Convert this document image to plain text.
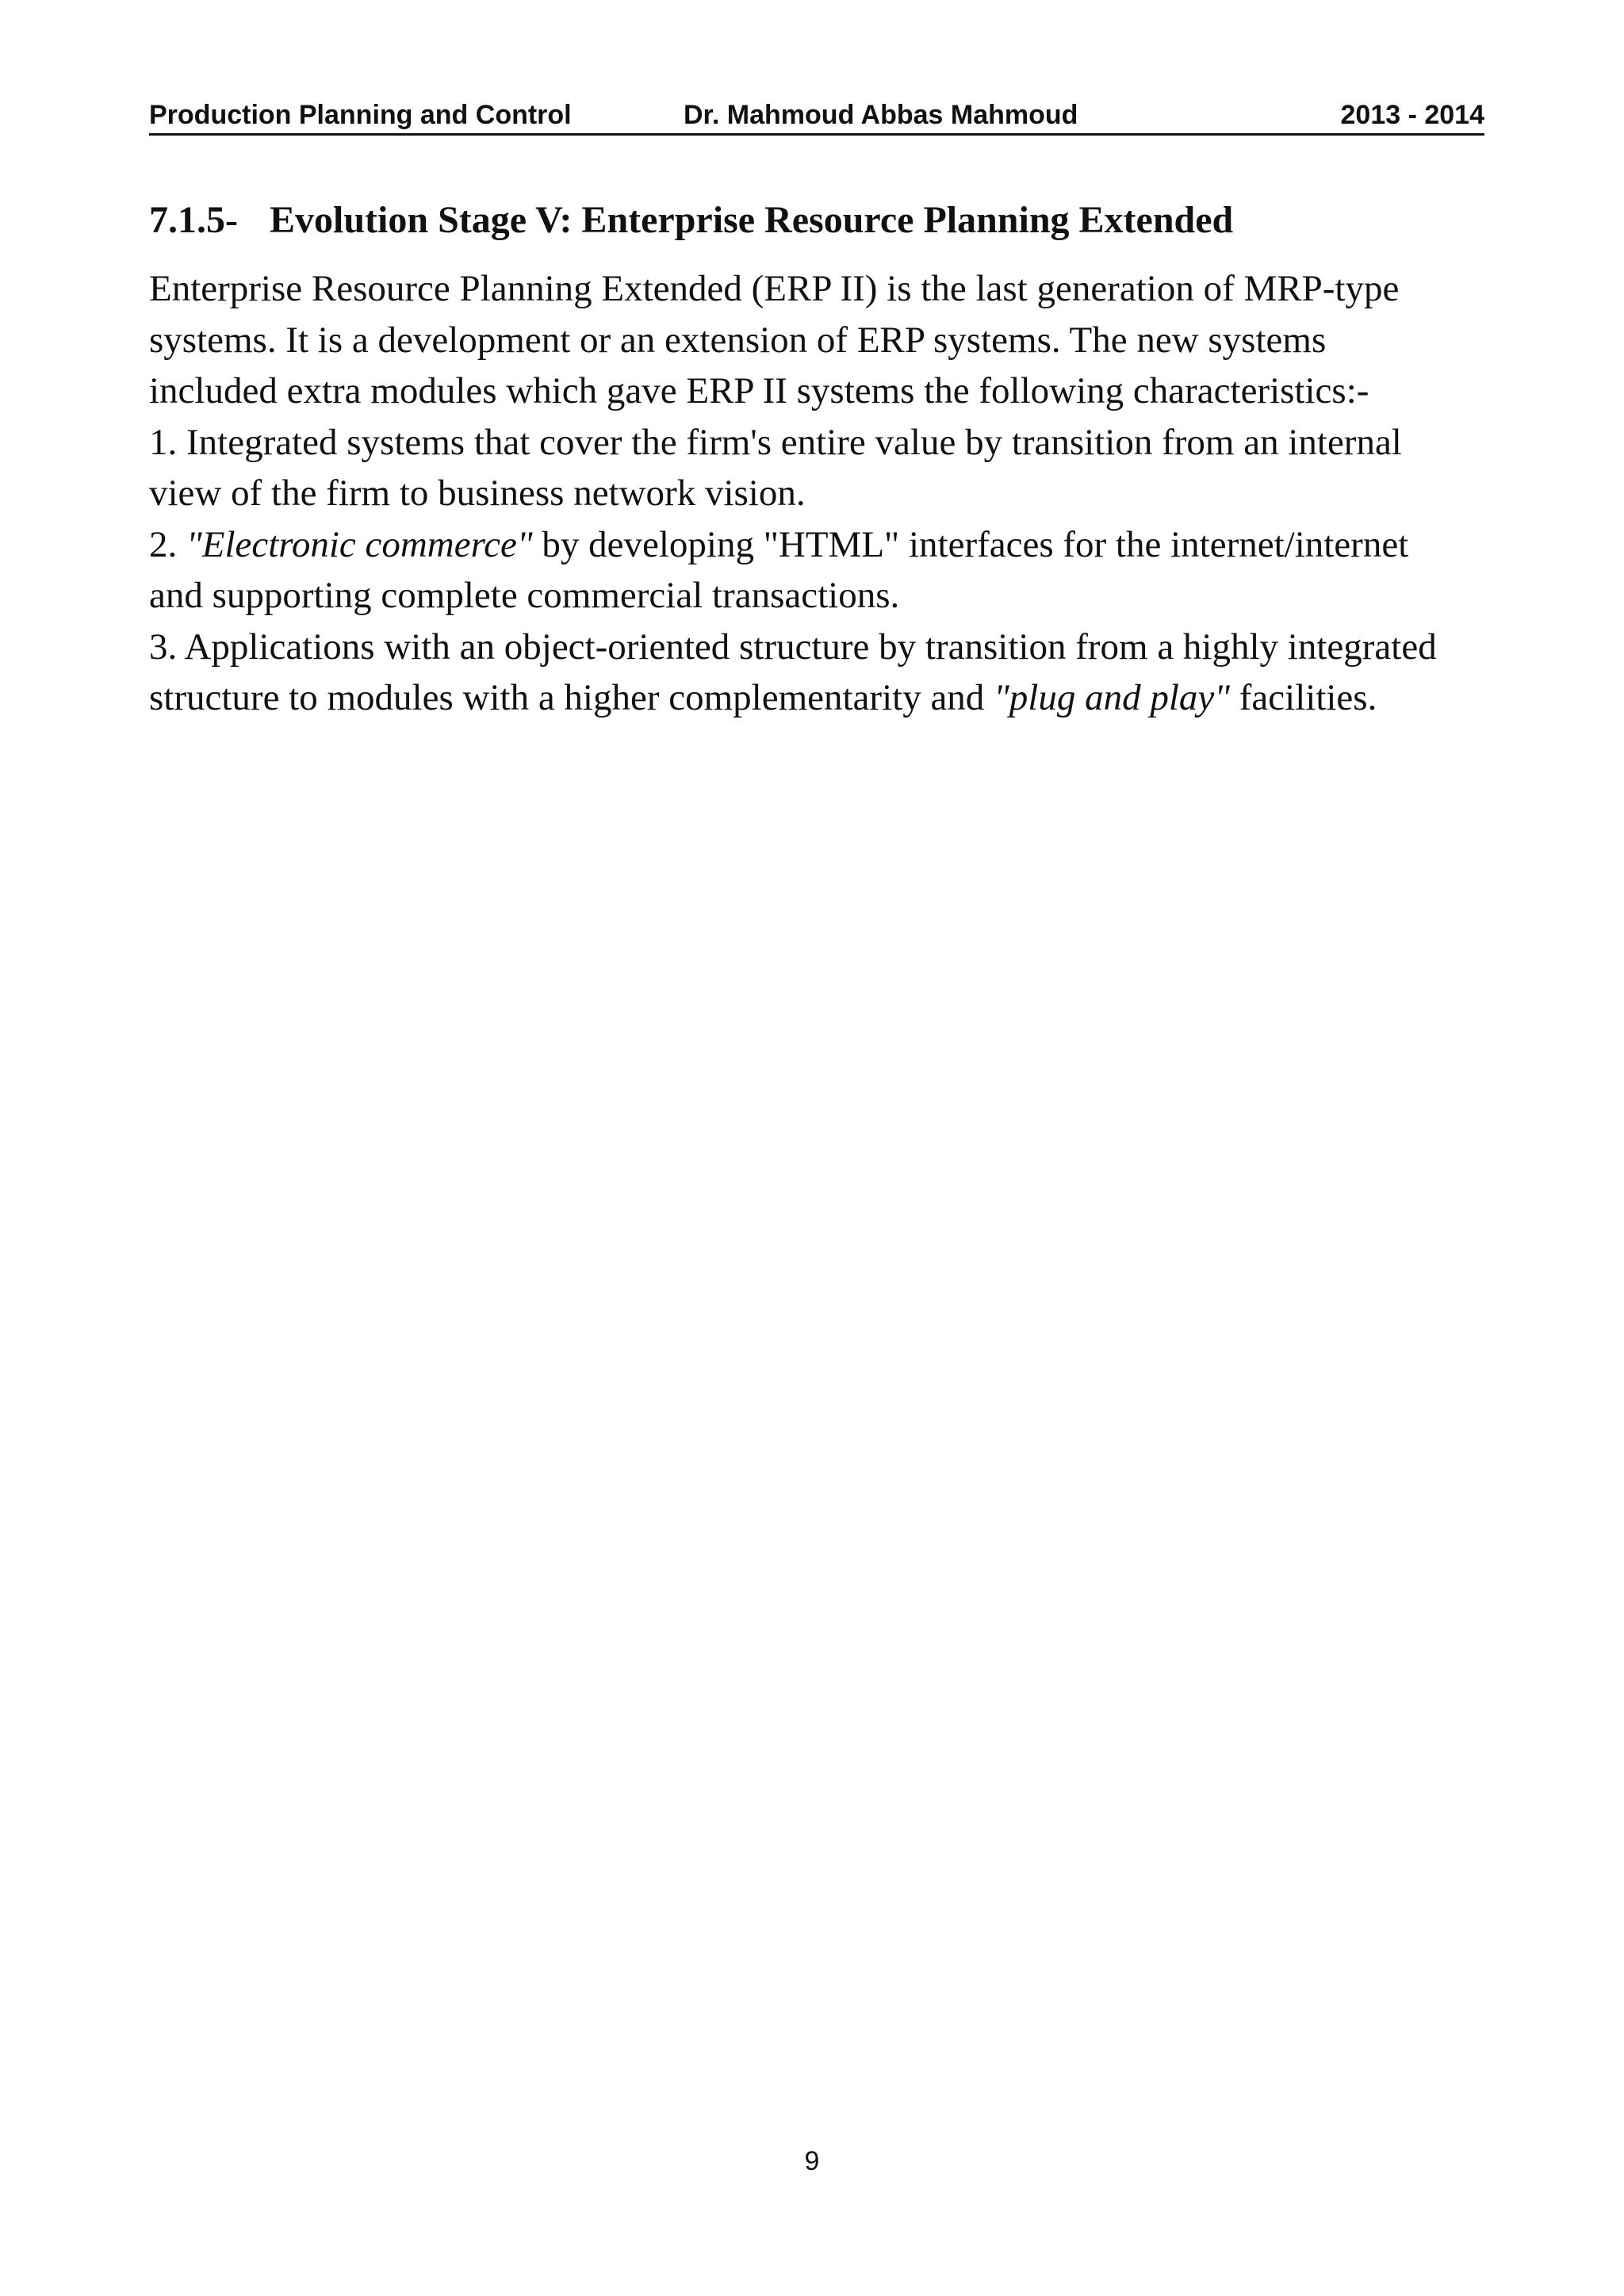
Production Planning and Control	Dr. Mahmoud Abbas Mahmoud	2013 - 2014
7.1.5- Evolution Stage V: Enterprise Resource Planning Extended
Enterprise Resource Planning Extended (ERP II) is the last generation of MRP-type
systems. It is a development or an extension of ERP systems. The new systems
included extra modules which gave ERP II systems the following characteristics:-
1. Integrated systems that cover the firm's entire value by transition from an internal
view of the firm to business network vision.
2. "Electronic commerce" by developing "HTML" interfaces for the internet/internet
and supporting complete commercial transactions.
3. Applications with an object-oriented structure by transition from a highly integrated
structure to modules with a higher complementarity and "plug and play" facilities.
9
